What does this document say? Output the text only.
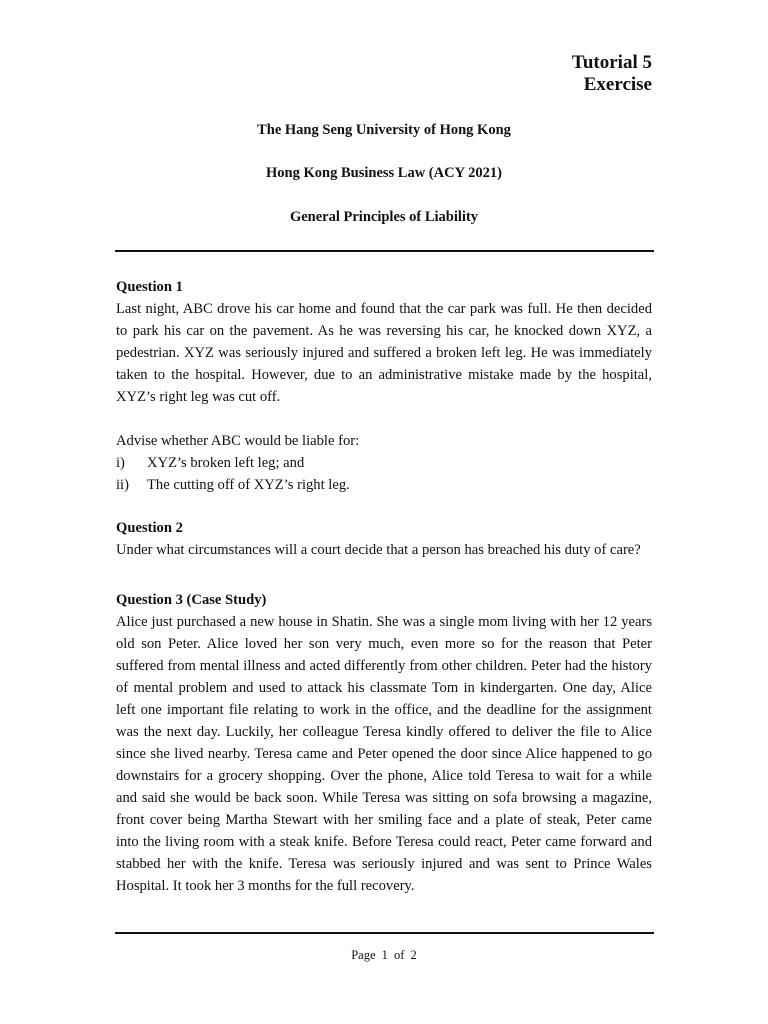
Tutorial 5
Exercise
The Hang Seng University of Hong Kong
Hong Kong Business Law (ACY 2021)
General Principles of Liability

Question 1

Last night, ABC drove his car home and found that the car park was full. He then decided to park his car on the pavement. As he was reversing his car, he knocked down XYZ, a pedestrian. XYZ was seriously injured and suffered a broken left leg. He was immediately taken to the hospital. However, due to an administrative mistake made by the hospital, XYZ’s right leg was cut off.

Advise whether ABC would be liable for:

i)	XYZ’s broken left leg; and
ii)	The cutting off of XYZ’s right leg.

Question 2

Under what circumstances will a court decide that a person has breached his duty of care?

Question 3 (Case Study)

Alice just purchased a new house in Shatin. She was a single mom living with her 12 years old son Peter. Alice loved her son very much, even more so for the reason that Peter suffered from mental illness and acted differently from other children. Peter had the history of mental problem and used to attack his classmate Tom in kindergarten. One day, Alice left one important file relating to work in the office, and the deadline for the assignment was the next day. Luckily, her colleague Teresa kindly offered to deliver the file to Alice since she lived nearby. Teresa came and Peter opened the door since Alice happened to go downstairs for a grocery shopping. Over the phone, Alice told Teresa to wait for a while and said she would be back soon. While Teresa was sitting on sofa browsing a magazine, front cover being Martha Stewart with her smiling face and a plate of steak, Peter came into the living room with a steak knife. Before Teresa could react, Peter came forward and stabbed her with the knife. Teresa was seriously injured and was sent to Prince Wales Hospital. It took her 3 months for the full recovery.

Page 1 of 2
